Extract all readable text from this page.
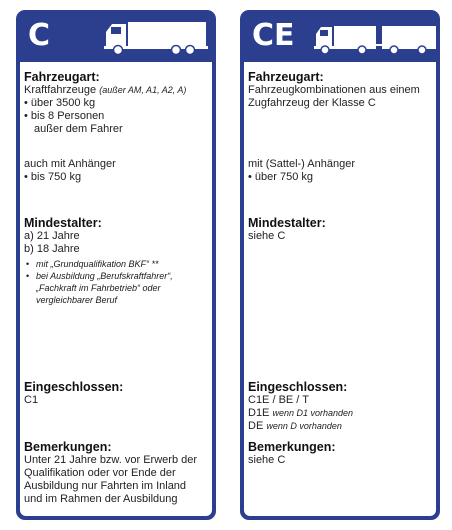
C
Fahrzeugart:
Kraftfahrzeuge (außer AM, A1, A2, A)
• über 3500 kg
• bis 8 Personen
außer dem Fahrer
auch mit Anhänger
• bis 750 kg
Mindestalter:
a) 21 Jahre
b) 18 Jahre
• mit „Grundqualifikation BKF“ **
• bei Ausbildung „Berufskraftfahrer“,
„Fachkraft im Fahrbetrieb“ oder
vergleichbarer Beruf
Eingeschlossen:
C1
Bemerkungen:
Unter 21 Jahre bzw. vor Erwerb der
Qualifikation oder vor Ende der
Ausbildung nur Fahrten im Inland
und im Rahmen der Ausbildung
CE
Fahrzeugart:
Fahrzeugkombinationen aus einem
Zugfahrzeug der Klasse C
mit (Sattel-) Anhänger
• über 750 kg
Mindestalter:
siehe C
Eingeschlossen:
C1E / BE / T
D1E wenn D1 vorhanden
DE wenn D vorhanden
Bemerkungen:
siehe C
